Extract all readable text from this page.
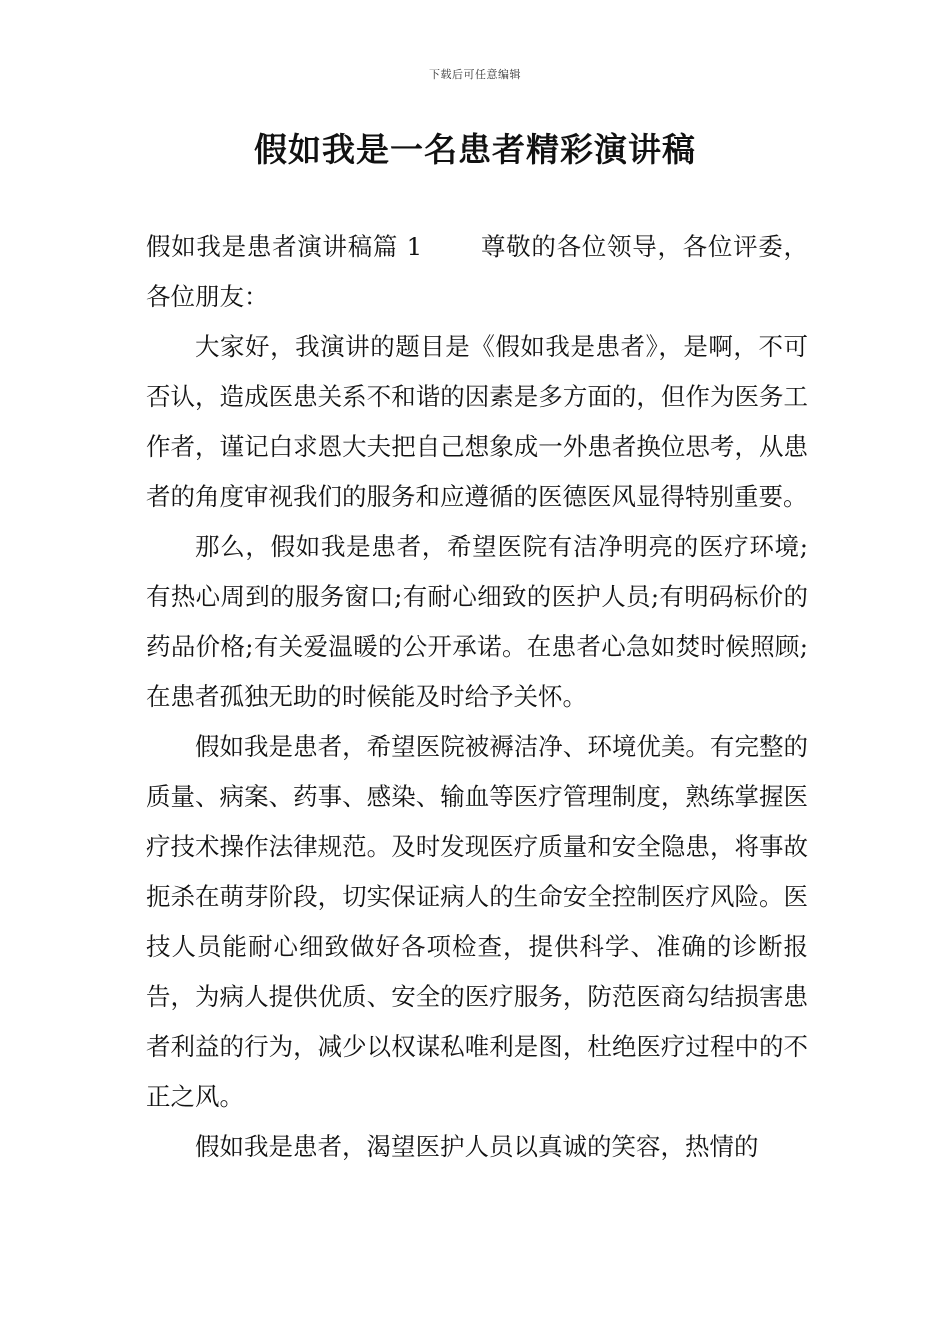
下载后可任意编辑
假如我是一名患者精彩演讲稿

假如我是患者演讲稿篇 1 尊敬的各位领导，各位评委，各位朋友：

大家好，我演讲的题目是《假如我是患者》，是啊，不可否认，造成医患关系不和谐的因素是多方面的，但作为医务工作者，谨记白求恩大夫把自己想象成一外患者换位思考，从患者的角度审视我们的服务和应遵循的医德医风显得特别重要。

那么，假如我是患者，希望医院有洁净明亮的医疗环境;有热心周到的服务窗口;有耐心细致的医护人员;有明码标价的药品价格;有关爱温暖的公开承诺。在患者心急如焚时候照顾;在患者孤独无助的时候能及时给予关怀。

假如我是患者，希望医院被褥洁净、环境优美。有完整的质量、病案、药事、感染、输血等医疗管理制度，熟练掌握医疗技术操作法律规范。及时发现医疗质量和安全隐患，将事故扼杀在萌芽阶段，切实保证病人的生命安全控制医疗风险。医技人员能耐心细致做好各项检查，提供科学、准确的诊断报告，为病人提供优质、安全的医疗服务，防范医商勾结损害患者利益的行为，减少以权谋私唯利是图，杜绝医疗过程中的不正之风。

假如我是患者，渴望医护人员以真诚的笑容，热情的
